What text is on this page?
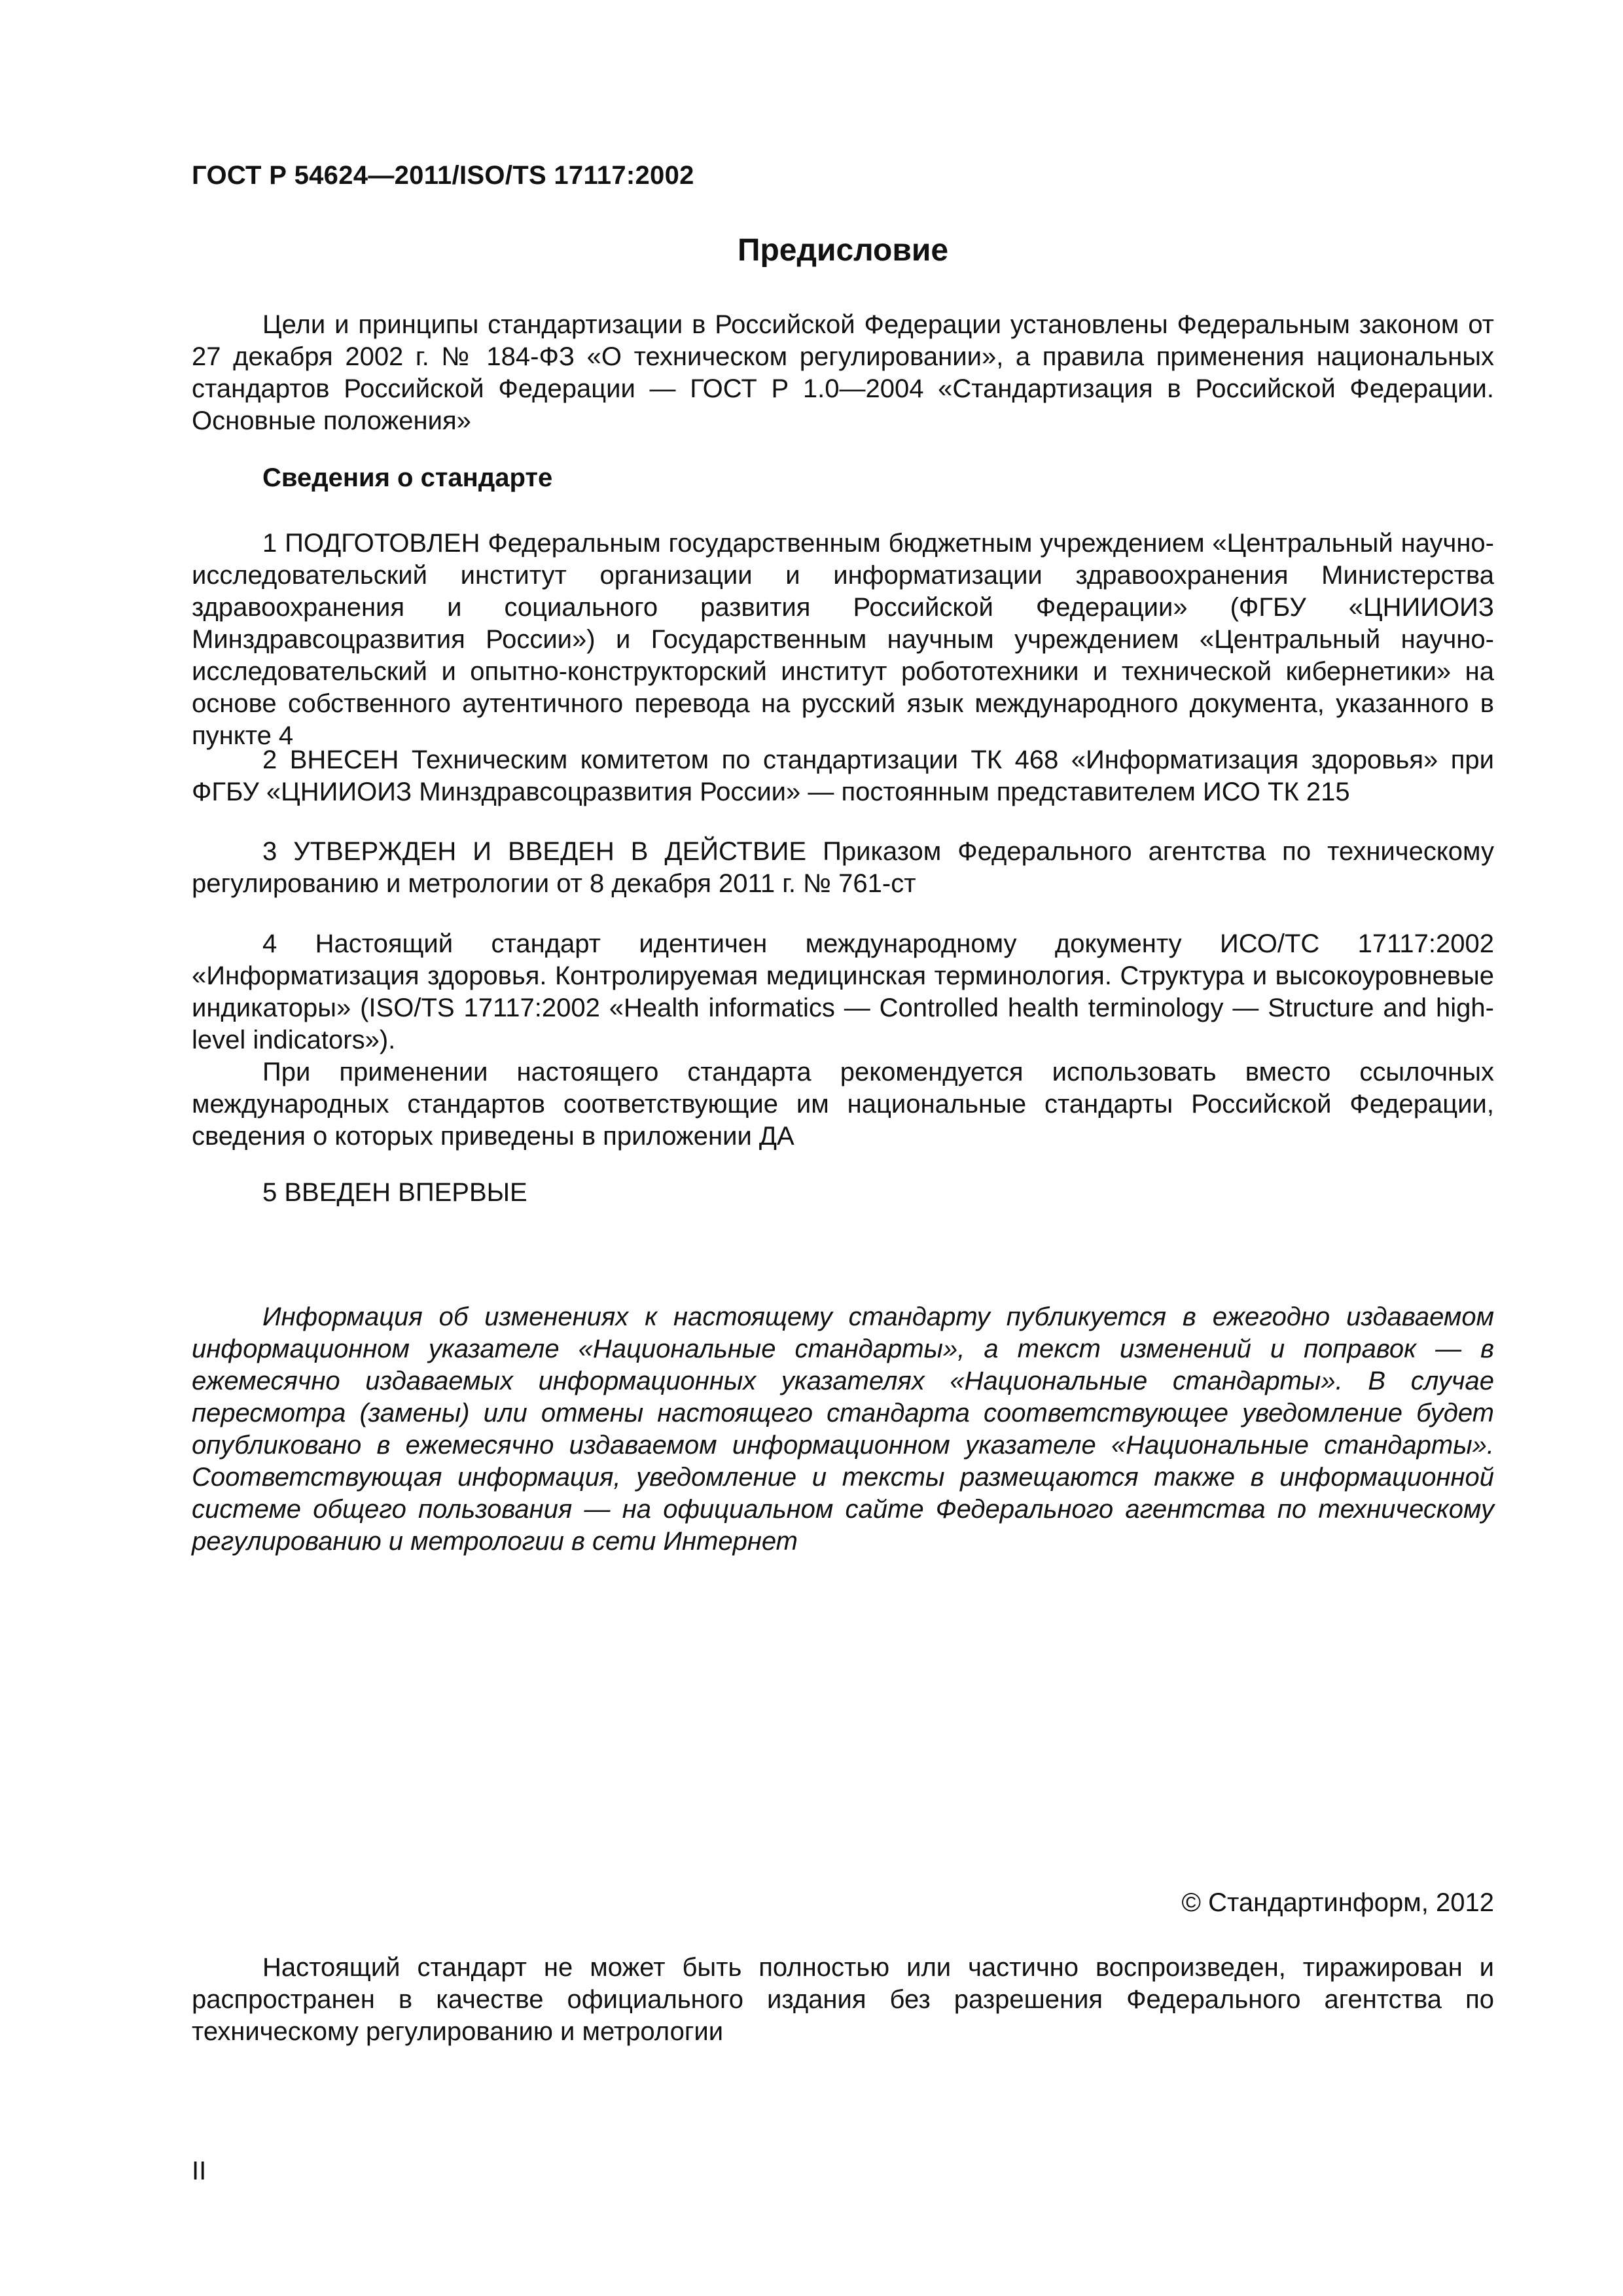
ГОСТ Р 54624—2011/ISO/TS 17117:2002
Предисловие

Цели и принципы стандартизации в Российской Федерации установлены Федеральным законом от 27 декабря 2002 г. № 184-ФЗ «О техническом регулировании», а правила применения национальных стандартов Российской Федерации — ГОСТ Р 1.0—2004 «Стандартизация в Российской Федерации. Основные положения»

Сведения о стандарте

1 ПОДГОТОВЛЕН Федеральным государственным бюджетным учреждением «Центральный научно-исследовательский институт организации и информатизации здравоохранения Министерства здравоохранения и социального развития Российской Федерации» (ФГБУ «ЦНИИОИЗ Минздравсоцразвития России») и Государственным научным учреждением «Центральный научно-исследовательский и опытно-конструкторский институт робототехники и технической кибернетики» на основе собственного аутентичного перевода на русский язык международного документа, указанного в пункте 4

2 ВНЕСЕН Техническим комитетом по стандартизации ТК 468 «Информатизация здоровья» при ФГБУ «ЦНИИОИЗ Минздравсоцразвития России» — постоянным представителем ИСО ТК 215

3 УТВЕРЖДЕН И ВВЕДЕН В ДЕЙСТВИЕ Приказом Федерального агентства по техническому регулированию и метрологии от 8 декабря 2011 г. № 761-ст

4 Настоящий стандарт идентичен международному документу ИСО/ТС 17117:2002 «Информатизация здоровья. Контролируемая медицинская терминология. Структура и высокоуровневые индикаторы» (ISO/TS 17117:2002 «Health informatics — Controlled health terminology — Structure and high-level indicators»).

При применении настоящего стандарта рекомендуется использовать вместо ссылочных международных стандартов соответствующие им национальные стандарты Российской Федерации, сведения о которых приведены в приложении ДА

5 ВВЕДЕН ВПЕРВЫЕ

Информация об изменениях к настоящему стандарту публикуется в ежегодно издаваемом информационном указателе «Национальные стандарты», а текст изменений и поправок — в ежемесячно издаваемых информационных указателях «Национальные стандарты». В случае пересмотра (замены) или отмены настоящего стандарта соответствующее уведомление будет опубликовано в ежемесячно издаваемом информационном указателе «Национальные стандарты». Соответствующая информация, уведомление и тексты размещаются также в информационной системе общего пользования — на официальном сайте Федерального агентства по техническому регулированию и метрологии в сети Интернет
© Стандартинформ, 2012

Настоящий стандарт не может быть полностью или частично воспроизведен, тиражирован и распространен в качестве официального издания без разрешения Федерального агентства по техническому регулированию и метрологии

II
